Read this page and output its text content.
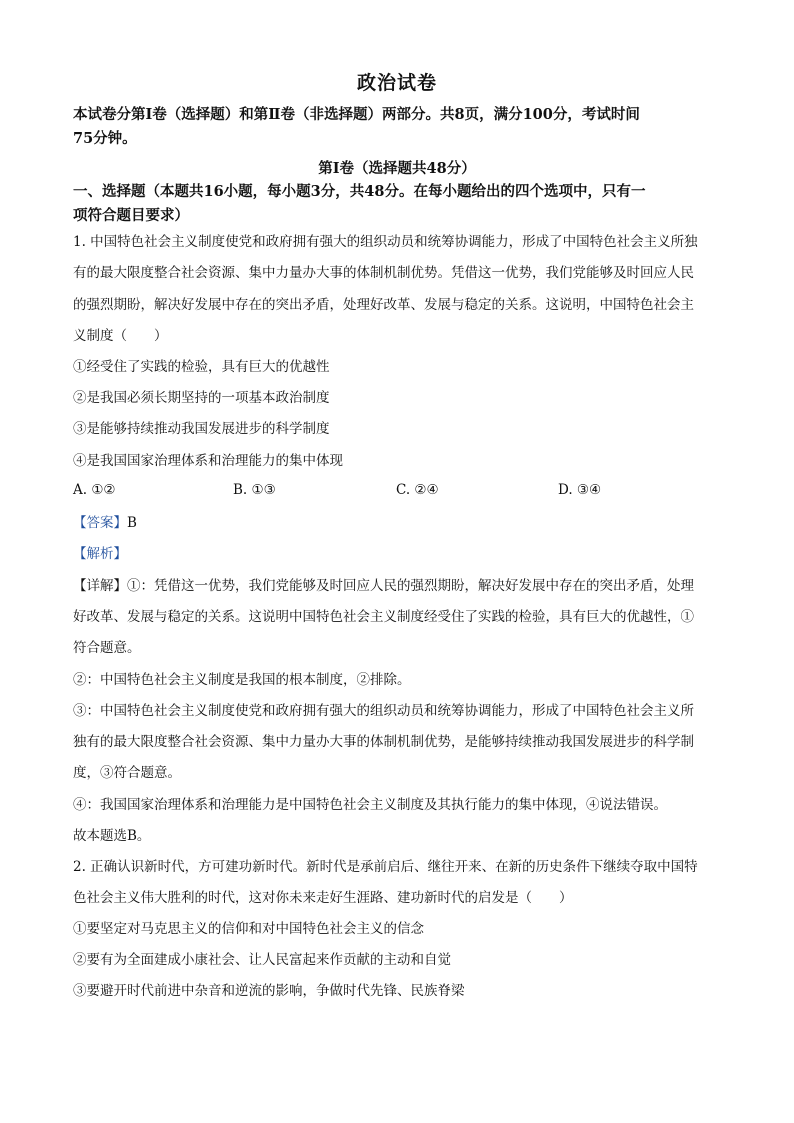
政治试卷
本试卷分第Ⅰ卷（选择题）和第Ⅱ卷（非选择题）两部分。共8页，满分100分，考试时间
75分钟。
第Ⅰ卷（选择题共48分）
一、选择题（本题共16小题，每小题3分，共48分。在每小题给出的四个选项中，只有一
项符合题目要求）
1. 中国特色社会主义制度使党和政府拥有强大的组织动员和统筹协调能力，形成了中国特色社会主义所独
有的最大限度整合社会资源、集中力量办大事的体制机制优势。凭借这一优势，我们党能够及时回应人民
的强烈期盼，解决好发展中存在的突出矛盾，处理好改革、发展与稳定的关系。这说明，中国特色社会主
义制度（　　）
①经受住了实践的检验，具有巨大的优越性
②是我国必须长期坚持的一项基本政治制度
③是能够持续推动我国发展进步的科学制度
④是我国国家治理体系和治理能力的集中体现
A. ①②	B. ①③	C. ②④	D. ③④
【答案】B
【解析】
【详解】①：凭借这一优势，我们党能够及时回应人民的强烈期盼，解决好发展中存在的突出矛盾，处理
好改革、发展与稳定的关系。这说明中国特色社会主义制度经受住了实践的检验，具有巨大的优越性，①
符合题意。
②：中国特色社会主义制度是我国的根本制度，②排除。
③：中国特色社会主义制度使党和政府拥有强大的组织动员和统筹协调能力，形成了中国特色社会主义所
独有的最大限度整合社会资源、集中力量办大事的体制机制优势，是能够持续推动我国发展进步的科学制
度，③符合题意。
④：我国国家治理体系和治理能力是中国特色社会主义制度及其执行能力的集中体现，④说法错误。
故本题选B。
2. 正确认识新时代，方可建功新时代。新时代是承前启后、继往开来、在新的历史条件下继续夺取中国特
色社会主义伟大胜利的时代，这对你未来走好生涯路、建功新时代的启发是（　　）
①要坚定对马克思主义的信仰和对中国特色社会主义的信念
②要有为全面建成小康社会、让人民富起来作贡献的主动和自觉
③要避开时代前进中杂音和逆流的影响，争做时代先锋、民族脊梁
